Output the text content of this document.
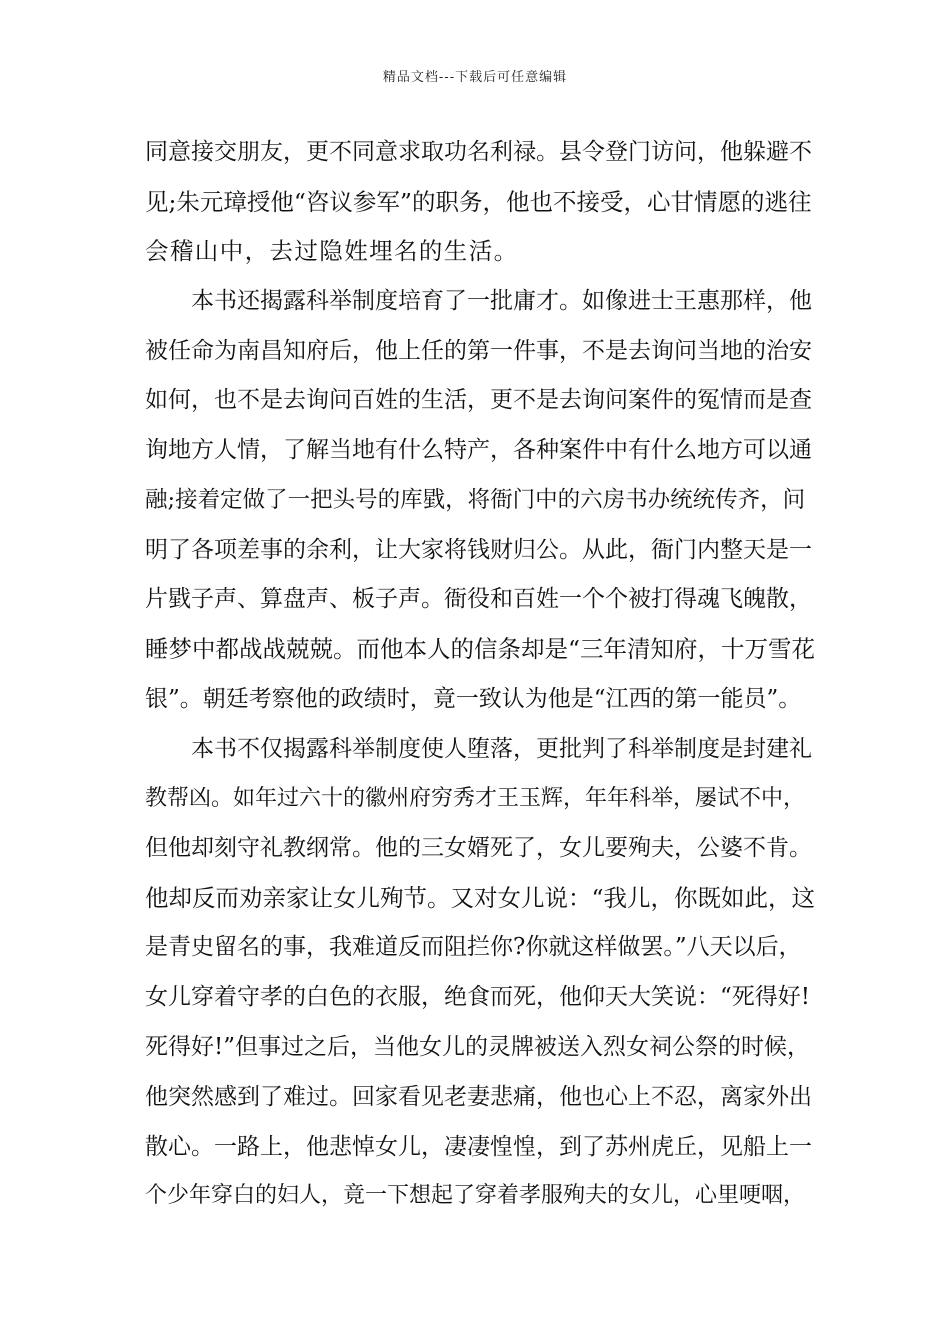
精品文档---下载后可任意编辑
同意接交朋友，更不同意求取功名利禄。县令登门访问，他躲避不
见;朱元璋授他“咨议参军”的职务，他也不接受，心甘情愿的逃往
会稽山中，去过隐姓埋名的生活。
　　本书还揭露科举制度培育了一批庸才。如像进士王惠那样，他
被任命为南昌知府后，他上任的第一件事，不是去询问当地的治安
如何，也不是去询问百姓的生活，更不是去询问案件的冤情而是查
询地方人情，了解当地有什么特产，各种案件中有什么地方可以通
融;接着定做了一把头号的库戥，将衙门中的六房书办统统传齐，问
明了各项差事的余利，让大家将钱财归公。从此，衙门内整天是一
片戥子声、算盘声、板子声。衙役和百姓一个个被打得魂飞魄散，
睡梦中都战战兢兢。而他本人的信条却是“三年清知府，十万雪花
银”。朝廷考察他的政绩时，竟一致认为他是“江西的第一能员”。
　　本书不仅揭露科举制度使人堕落，更批判了科举制度是封建礼
教帮凶。如年过六十的徽州府穷秀才王玉辉，年年科举，屡试不中，
但他却刻守礼教纲常。他的三女婿死了，女儿要殉夫，公婆不肯。
他却反而劝亲家让女儿殉节。又对女儿说：“我儿，你既如此，这
是青史留名的事，我难道反而阻拦你?你就这样做罢。”八天以后，
女儿穿着守孝的白色的衣服，绝食而死，他仰天大笑说：“死得好!
死得好!”但事过之后，当他女儿的灵牌被送入烈女祠公祭的时候，
他突然感到了难过。回家看见老妻悲痛，他也心上不忍，离家外出
散心。一路上，他悲悼女儿，凄凄惶惶，到了苏州虎丘，见船上一
个少年穿白的妇人，竟一下想起了穿着孝服殉夫的女儿，心里哽咽，
